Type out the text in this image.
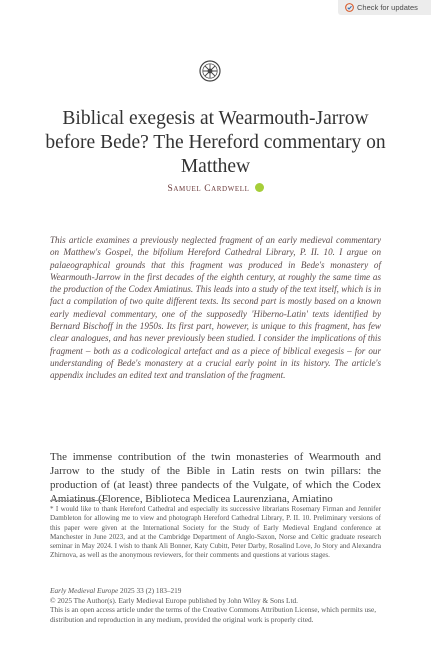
Check for updates
Biblical exegesis at Wearmouth-Jarrow before Bede? The Hereford commentary on Matthew
Samuel Cardwell

This article examines a previously neglected fragment of an early medieval commentary on Matthew's Gospel, the bifolium Hereford Cathedral Library, P. II. 10. I argue on palaeographical grounds that this fragment was produced in Bede's monastery of Wearmouth-Jarrow in the first decades of the eighth century, at roughly the same time as the production of the Codex Amiatinus. This leads into a study of the text itself, which is in fact a compilation of two quite different texts. Its second part is mostly based on a known early medieval commentary, one of the supposedly 'Hiberno-Latin' texts identified by Bernard Bischoff in the 1950s. Its first part, however, is unique to this fragment, has few clear analogues, and has never previously been studied. I consider the implications of this fragment – both as a codicological artefact and as a piece of biblical exegesis – for our understanding of Bede's monastery at a crucial early point in its history. The article's appendix includes an edited text and translation of the fragment.

The immense contribution of the twin monasteries of Wearmouth and Jarrow to the study of the Bible in Latin rests on twin pillars: the production of (at least) three pandects of the Vulgate, of which the Codex Amiatinus (Florence, Biblioteca Medicea Laurenziana, Amiatino

* I would like to thank Hereford Cathedral and especially its successive librarians Rosemary Firman and Jennifer Dambleton for allowing me to view and photograph Hereford Cathedral Library, P. II. 10. Preliminary versions of this paper were given at the International Society for the Study of Early Medieval England conference at Manchester in June 2023, and at the Cambridge Department of Anglo-Saxon, Norse and Celtic graduate research seminar in May 2024. I wish to thank Ali Bonner, Katy Cubitt, Peter Darby, Rosalind Love, Jo Story and Alexandra Zhirnova, as well as the anonymous reviewers, for their comments and questions at various stages.

Early Medieval Europe 2025 33 (2) 183–219
© 2025 The Author(s). Early Medieval Europe published by John Wiley & Sons Ltd.
This is an open access article under the terms of the Creative Commons Attribution License, which permits use, distribution and reproduction in any medium, provided the original work is properly cited.
